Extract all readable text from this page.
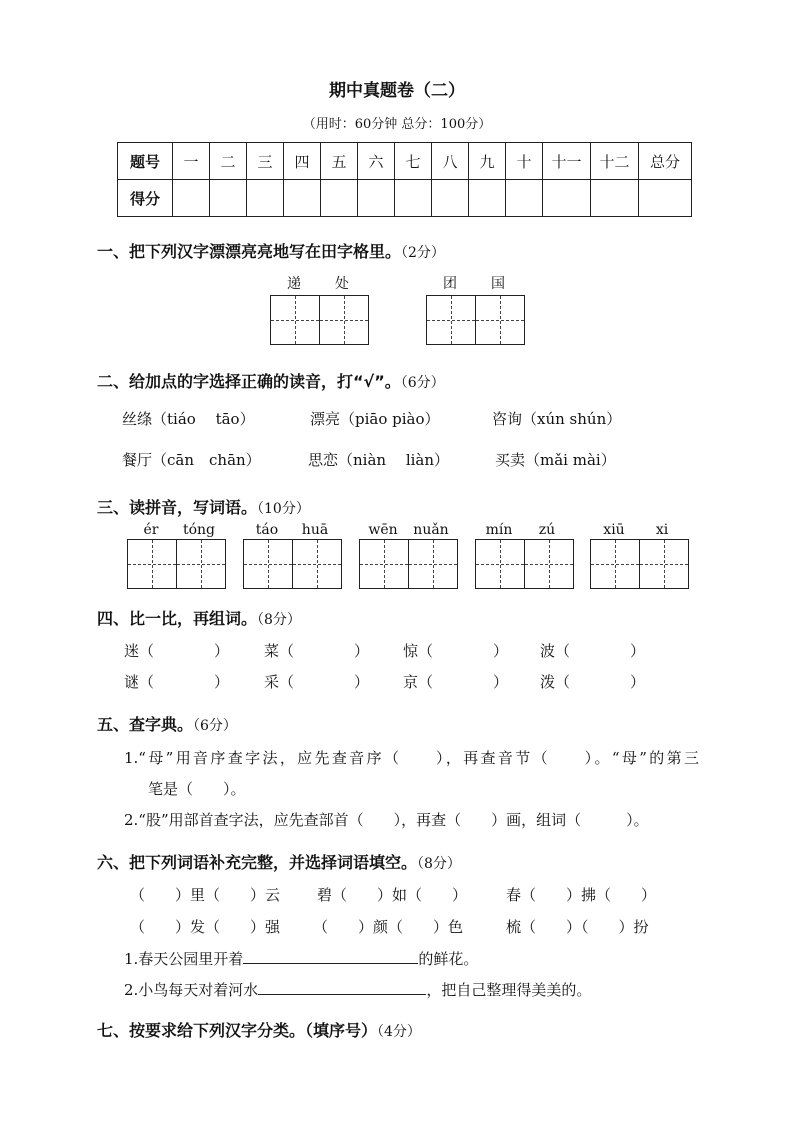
期中真题卷（二）
（用时：60分钟 总分：100分）
题号	一	二	三	四	五	六	七	八	九	十	十一	十二	总分
得分													
一、把下列汉字漂漂亮亮地写在田字格里。（2分）
递	处	团	国
二、给加点的字选择正确的读音，打“√”。（6分）
丝绦（tiáo　 tāo）	漂亮（piāo piào）	咨询（xún shún）
餐厅（cān　chān）	思恋（niàn　 liàn）	买卖（mǎi mài）
三、读拼音，写词语。（10分）
ér	tóng	táo	huā	wēn	nuǎn	mín	zú	xiū	xi
四、比一比，再组词。（8分）
迷（　　　　） 菜（　　　　） 惊（　　　　） 波（　　　　）
谜（　　　　） 采（　　　　） 京（　　　　） 泼（　　　　）
五、查字典。（6分）
1.“母”用音序查字法，应先查音序（　　），再查音节（　　）。“母”的第三
笔是（　　）。
2.“股”用部首查字法，应先查部首（　　），再查（　　）画，组词（　　　）。
六、把下列词语补充完整，并选择词语填空。（8分）
（　　）里（　　）云 碧（　　）如（　　）	春（　　）拂（　　）
（　　）发（　　）强 （　　）颜（　　）色	梳（　　）（　　）扮
1.春天公园里开着	的鲜花。
2.小鸟每天对着河水	，把自己整理得美美的。
七、按要求给下列汉字分类。（填序号）（4分）
